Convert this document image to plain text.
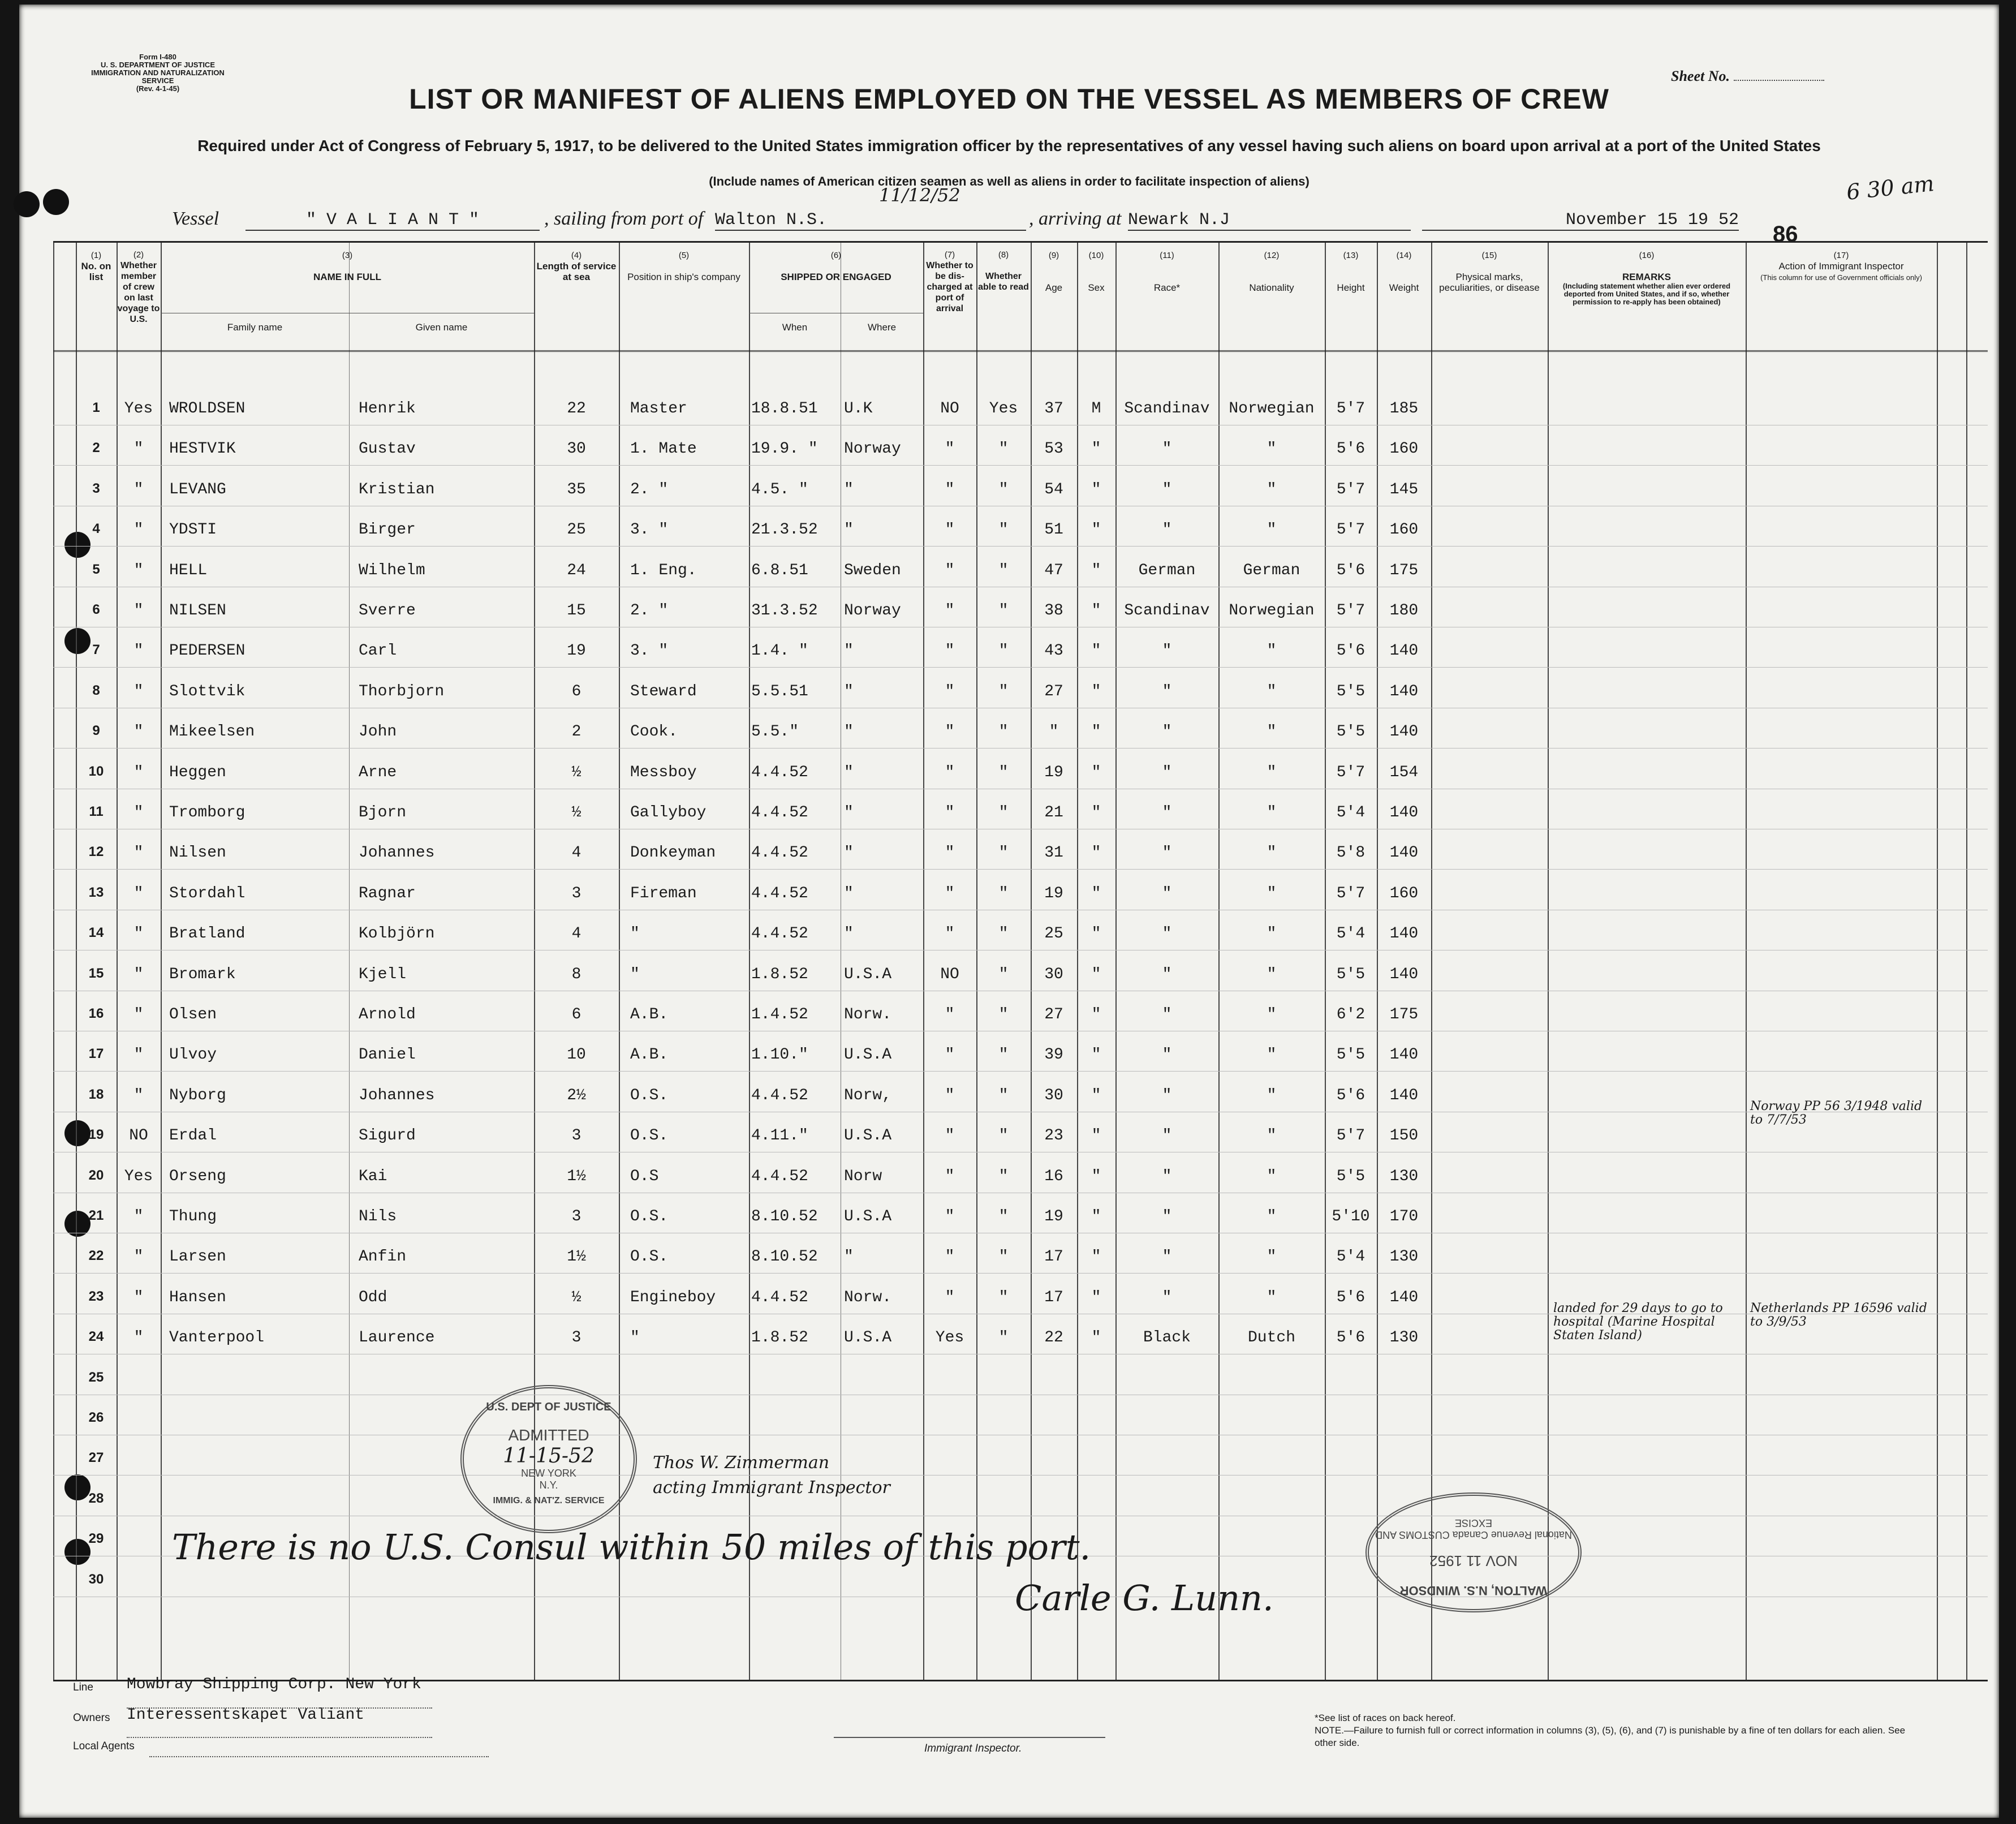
Form I-480
U. S. DEPARTMENT OF JUSTICE
IMMIGRATION AND NATURALIZATION SERVICE
(Rev. 4-1-45)
Sheet No.
LIST OR MANIFEST OF ALIENS EMPLOYED ON THE VESSEL AS MEMBERS OF CREW
Required under Act of Congress of February 5, 1917, to be delivered to the United States immigration officer by the representatives of any vessel having such aliens on board upon arrival at a port of the United States
(Include names of American citizen seamen as well as aliens in order to facilitate inspection of aliens)	6 30 am
Vessel	" V A L I A N T "	, sailing from port of Walton N.S.
11/12/52
, arriving at Newark N.J	November 15 19 52
86
(1)
No. on list
(2)
Whether member of crew on last voyage to U.S.
(3)

NAME IN FULL
Family name	Given name
(4)
Length of service at sea
(5)

Position in ship's company
(6)

SHIPPED OR ENGAGED
When	Where
(7)
Whether to be dis-charged at port of arrival
(8)

Whether able to read
(9)

Age
(10)

Sex
(11)

Race*
(12)

Nationality
(13)

Height
(14)

Weight
(15)

Physical marks, peculiarities, or disease
(16)

REMARKS
(Including statement whether alien ever ordered deported from United States, and if so, whether permission to re-apply has been obtained)
(17)
Action of Immigrant Inspector
(This column for use of Government officials only)
1	Yes	WROLDSEN	Henrik	22	Master	18.8.51	U.K	NO	Yes	37	M	Scandinav	Norwegian	5'7	185
2	"	HESTVIK	Gustav	30	1. Mate	19.9. "	Norway	"	"	53	"	"	"	5'6	160
3	"	LEVANG	Kristian	35	2. "	4.5. "	"	"	"	54	"	"	"	5'7	145
4	"	YDSTI	Birger	25	3. "	21.3.52	"	"	"	51	"	"	"	5'7	160
5	"	HELL	Wilhelm	24	1. Eng.	6.8.51	Sweden	"	"	47	"	German	German	5'6	175
6	"	NILSEN	Sverre	15	2. "	31.3.52	Norway	"	"	38	"	Scandinav	Norwegian	5'7	180
7	"	PEDERSEN	Carl	19	3. "	1.4. "	"	"	"	43	"	"	"	5'6	140
8	"	Slottvik	Thorbjorn	6	Steward	5.5.51	"	"	"	27	"	"	"	5'5	140
9	"	Mikeelsen	John	2	Cook.	5.5."	"	"	"	"	"	"	"	5'5	140
10	"	Heggen	Arne	½	Messboy	4.4.52	"	"	"	19	"	"	"	5'7	154
11	"	Tromborg	Bjorn	½	Gallyboy	4.4.52	"	"	"	21	"	"	"	5'4	140
12	"	Nilsen	Johannes	4	Donkeyman	4.4.52	"	"	"	31	"	"	"	5'8	140
13	"	Stordahl	Ragnar	3	Fireman	4.4.52	"	"	"	19	"	"	"	5'7	160
14	"	Bratland	Kolbjörn	4	"	4.4.52	"	"	"	25	"	"	"	5'4	140
15	"	Bromark	Kjell	8	"	1.8.52	U.S.A	NO	"	30	"	"	"	5'5	140
16	"	Olsen	Arnold	6	A.B.	1.4.52	Norw.	"	"	27	"	"	"	6'2	175
17	"	Ulvoy	Daniel	10	A.B.	1.10."	U.S.A	"	"	39	"	"	"	5'5	140
18	"	Nyborg	Johannes	2½	O.S.	4.4.52	Norw,	"	"	30	"	"	"	5'6	140
19	NO	Erdal	Sigurd	3	O.S.	4.11."	U.S.A	"	"	23	"	"	"	5'7	150
Norway PP 56 3/1948 valid to 7/7/53
20	Yes	Orseng	Kai	1½	O.S	4.4.52	Norw	"	"	16	"	"	"	5'5	130
21	"	Thung	Nils	3	O.S.	8.10.52	U.S.A	"	"	19	"	"	"	5'10	170
22	"	Larsen	Anfin	1½	O.S.	8.10.52	"	"	"	17	"	"	"	5'4	130
23	"	Hansen	Odd	½	Engineboy	4.4.52	Norw.	"	"	17	"	"	"	5'6	140
24	"	Vanterpool	Laurence	3	"	1.8.52	U.S.A	Yes	"	22	"	Black	Dutch	5'6	130
landed for 29 days to go to hospital (Marine Hospital Staten Island)
Netherlands PP 16596 valid to 3/9/53
25
26
27
28
29
30
U.S. DEPT OF JUSTICE
ADMITTED
11-15-52
NEW YORK
N.Y.
IMMIG. & NAT'Z. SERVICE
Thos W. Zimmerman
acting Immigrant Inspector
There is no U.S. Consul within 50 miles of this port.
Carle G. Lunn.	WALTON, N.S. WINDSOR
NOV 11 1952
National Revenue Canada CUSTOMS AND EXCISE
Line Mowbray Shipping Corp. New York
Owners Interessentskapet Valiant
Local Agents	Immigrant Inspector.
*See list of races on back hereof.
NOTE.—Failure to furnish full or correct information in columns (3), (5), (6), and (7) is punishable by a fine of ten dollars for each alien. See other side.
